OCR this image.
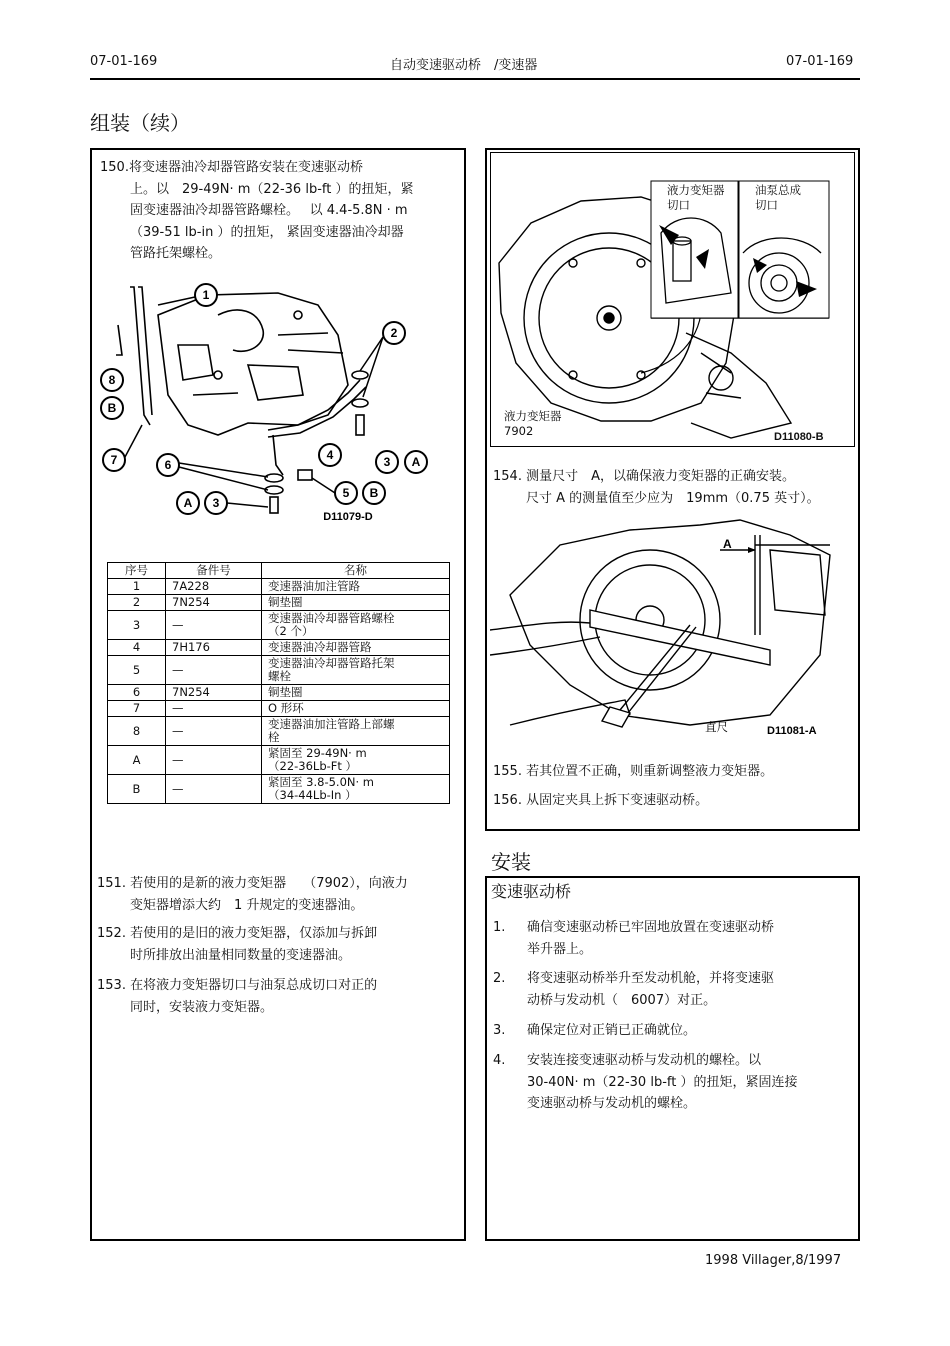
07-01-169	自动变速驱动桥　/变速器	07-01-169
组装（续）
150.将变速器油冷却器管路安装在变速驱动桥
上。以　29-49N· m（22-36 lb-ft ）的扭矩，紧
固变速器油冷却器管路螺栓。　 以 4.4-5.8N · m
（39-51 lb-in ）的扭矩， 紧固变速器油冷却器
管路托架螺栓。
1
2
8
B
7	6
4	3 A
A 3
5 B
D11079-D
序号	备件号	名称
1	7A228	变速器油加注管路

2	7N254	铜垫圈

3	—	变速器油冷却器管路螺栓
（2 个）

4	7H176	变速器油冷却器管路

5	—	变速器油冷却器管路托架
螺栓

6	7N254	铜垫圈

7	—	O 形环

8	—	变速器油加注管路上部螺
栓

A	—	紧固至 29-49N· m
（22-36Lb-Ft ）

B	—	紧固至 3.8-5.0N· m
（34-44Lb-In ）
151. 若使用的是新的液力变矩器　 （7902），向液力
变矩器增添大约　1 升规定的变速器油。
152. 若使用的是旧的液力变矩器，仅添加与拆卸
时所排放出油量相同数量的变速器油。
153. 在将液力变矩器切口与油泵总成切口对正的
同时，安装液力变矩器。
液力变矩器
切口
油泵总成
切口
液力变矩器
7902	D11080-B
154. 测量尺寸　A，以确保液力变矩器的正确安装。
尺寸 A 的测量值至少应为　19mm（0.75 英寸）。
A
直尺	D11081-A
155. 若其位置不正确，则重新调整液力变矩器。
156. 从固定夹具上拆下变速驱动桥。
安装
变速驱动桥
1. 确信变速驱动桥已牢固地放置在变速驱动桥
举升器上。
2. 将变速驱动桥举升至发动机舱，并将变速驱
动桥与发动机（　6007）对正。
3. 确保定位对正销已正确就位。
4. 安装连接变速驱动桥与发动机的螺栓。以
30-40N· m（22-30 lb-ft ）的扭矩，紧固连接
变速驱动桥与发动机的螺栓。
1998 Villager,8/1997
